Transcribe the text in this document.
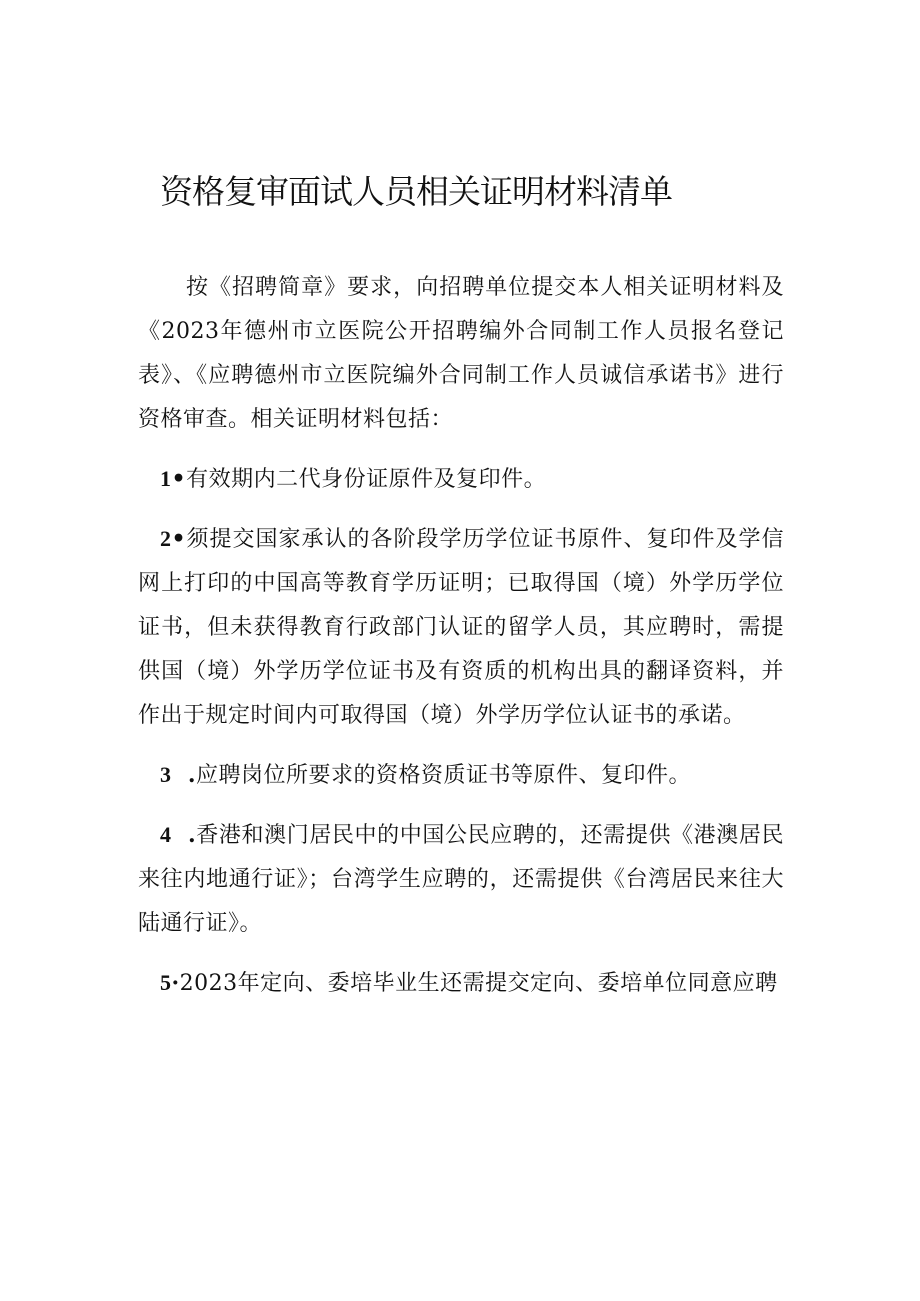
资格复审面试人员相关证明材料清单

按《招聘简章》要求，向招聘单位提交本人相关证明材料及《2023年德州市立医院公开招聘编外合同制工作人员报名登记表》、《应聘德州市立医院编外合同制工作人员诚信承诺书》进行资格审查。相关证明材料包括：

1•有效期内二代身份证原件及复印件。

2•须提交国家承认的各阶段学历学位证书原件、复印件及学信网上打印的中国高等教育学历证明；已取得国（境）外学历学位证书，但未获得教育行政部门认证的留学人员，其应聘时，需提供国（境）外学历学位证书及有资质的机构出具的翻译资料，并作出于规定时间内可取得国（境）外学历学位认证书的承诺。

3  .应聘岗位所要求的资格资质证书等原件、复印件。

4  .香港和澳门居民中的中国公民应聘的，还需提供《港澳居民来往内地通行证》；台湾学生应聘的，还需提供《台湾居民来往大陆通行证》。

5·2023年定向、委培毕业生还需提交定向、委培单位同意应聘
